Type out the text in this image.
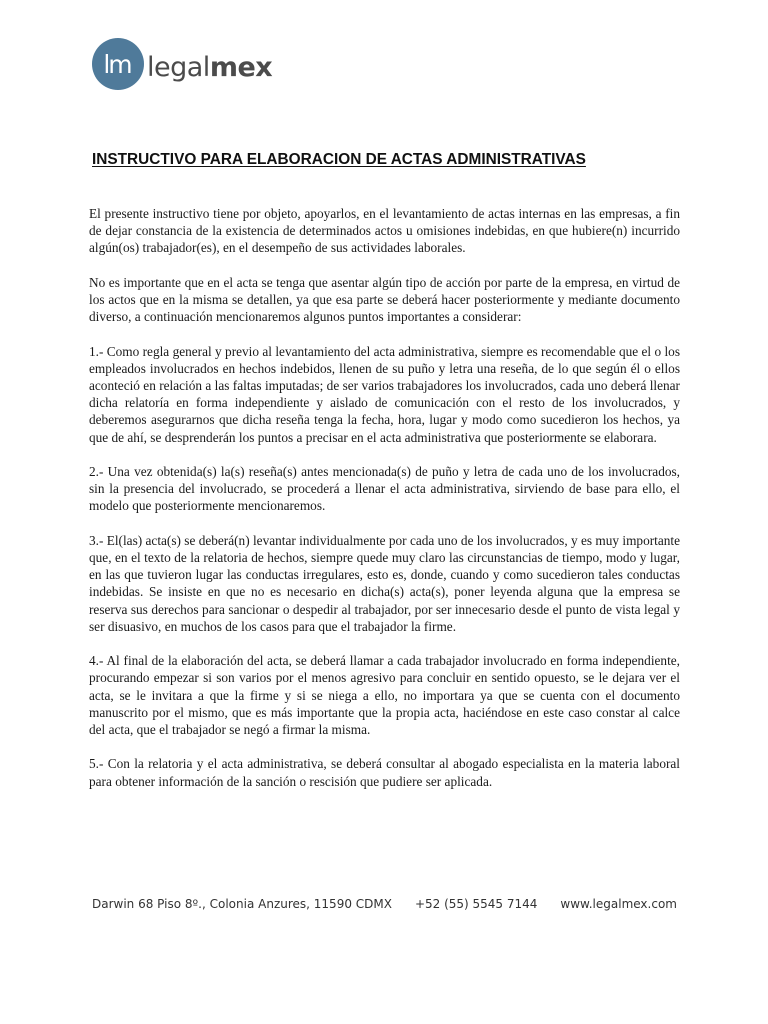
lm legalmex
INSTRUCTIVO PARA ELABORACION DE ACTAS ADMINISTRATIVAS

El presente instructivo tiene por objeto, apoyarlos, en el levantamiento de actas internas en las empresas, a fin de dejar constancia de la existencia de determinados actos u omisiones indebidas, en que hubiere(n) incurrido algún(os) trabajador(es), en el desempeño de sus actividades laborales.

No es importante que en el acta se tenga que asentar algún tipo de acción por parte de la empresa, en virtud de los actos que en la misma se detallen, ya que esa parte se deberá hacer posteriormente y mediante documento diverso, a continuación mencionaremos algunos puntos importantes a considerar:

1.- Como regla general y previo al levantamiento del acta administrativa, siempre es recomendable que el o los empleados involucrados en hechos indebidos, llenen de su puño y letra una reseña, de lo que según él o ellos aconteció en relación a las faltas imputadas; de ser varios trabajadores los involucrados, cada uno deberá llenar dicha relatoría en forma independiente y aislado de comunicación con el resto de los involucrados, y deberemos asegurarnos que dicha reseña tenga la fecha, hora, lugar y modo como sucedieron los hechos, ya que de ahí, se desprenderán los puntos a precisar en el acta administrativa que posteriormente se elaborara.

2.- Una vez obtenida(s) la(s) reseña(s) antes mencionada(s) de puño y letra de cada uno de los involucrados, sin la presencia del involucrado, se procederá a llenar el acta administrativa, sirviendo de base para ello, el modelo que posteriormente mencionaremos.

3.- El(las) acta(s) se deberá(n) levantar individualmente por cada uno de los involucrados, y es muy importante que, en el texto de la relatoria de hechos, siempre quede muy claro las circunstancias de tiempo, modo y lugar, en las que tuvieron lugar las conductas irregulares, esto es, donde, cuando y como sucedieron tales conductas indebidas. Se insiste en que no es necesario en dicha(s) acta(s), poner leyenda alguna que la empresa se reserva sus derechos para sancionar o despedir al trabajador, por ser innecesario desde el punto de vista legal y ser disuasivo, en muchos de los casos para que el trabajador la firme.

4.- Al final de la elaboración del acta, se deberá llamar a cada trabajador involucrado en forma independiente, procurando empezar si son varios por el menos agresivo para concluir en sentido opuesto, se le dejara ver el acta, se le invitara a que la firme y si se niega a ello, no importara ya que se cuenta con el documento manuscrito por el mismo, que es más importante que la propia acta, haciéndose en este caso constar al calce del acta, que el trabajador se negó a firmar la misma.

5.- Con la relatoria y el acta administrativa, se deberá consultar al abogado especialista en la materia laboral para obtener información de la sanción o rescisión que pudiere ser aplicada.

Darwin 68 Piso 8º., Colonia Anzures, 11590 CDMX +52 (55) 5545 7144 www.legalmex.com
